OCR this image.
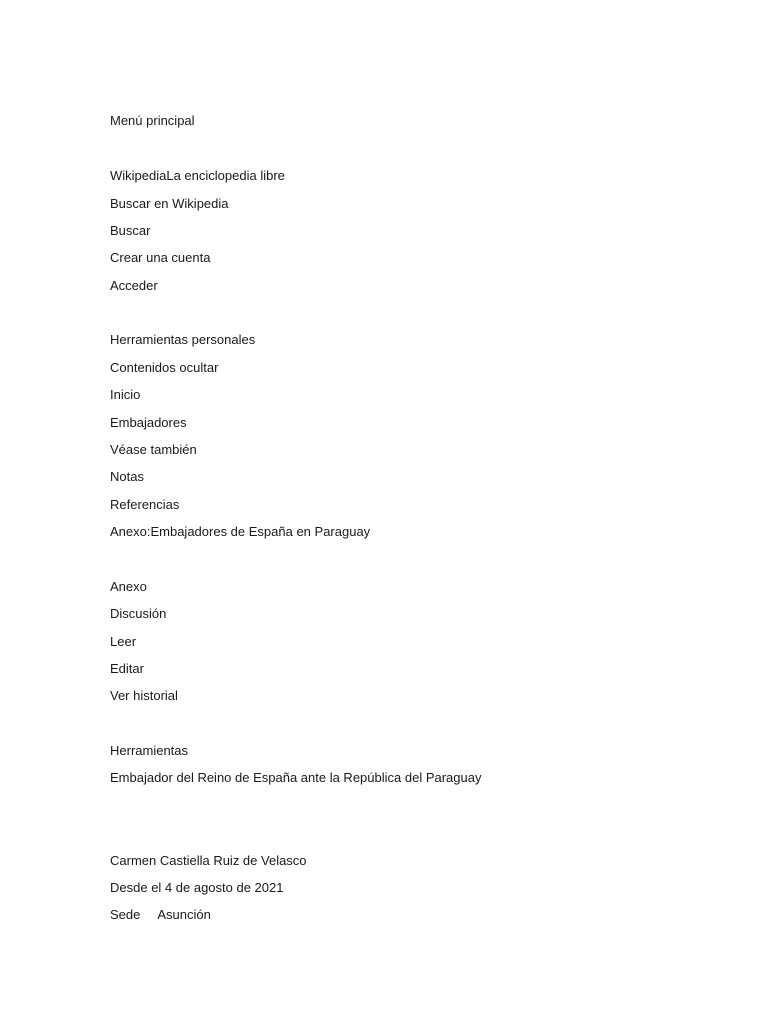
Menú principal
WikipediaLa enciclopedia libre
Buscar en Wikipedia
Buscar
Crear una cuenta
Acceder
Herramientas personales
Contenidos ocultar
Inicio
Embajadores
Véase también
Notas
Referencias
Anexo:Embajadores de España en Paraguay
Anexo
Discusión
Leer
Editar
Ver historial
Herramientas
Embajador del Reino de España ante la República del Paraguay
Carmen Castiella Ruiz de Velasco
Desde el 4 de agosto de 2021
Sede Asunción
